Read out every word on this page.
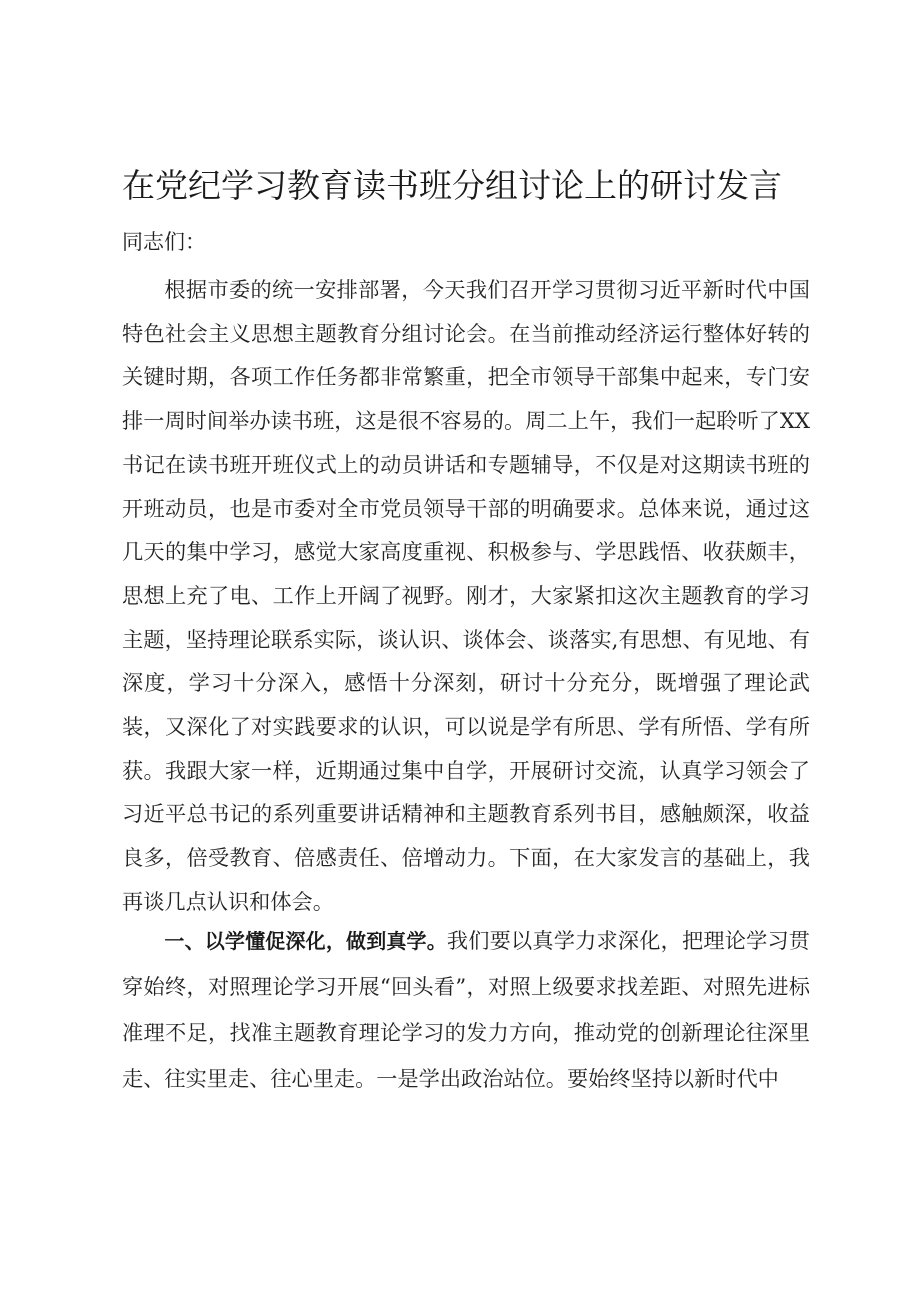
在党纪学习教育读书班分组讨论上的研讨发言

同志们：

根据市委的统一安排部署，今天我们召开学习贯彻习近平新时代中国特色社会主义思想主题教育分组讨论会。在当前推动经济运行整体好转的关键时期，各项工作任务都非常繁重，把全市领导干部集中起来，专门安排一周时间举办读书班，这是很不容易的。周二上午，我们一起聆听了XX书记在读书班开班仪式上的动员讲话和专题辅导，不仅是对这期读书班的开班动员，也是市委对全市党员领导干部的明确要求。总体来说，通过这几天的集中学习，感觉大家高度重视、积极参与、学思践悟、收获颇丰，思想上充了电、工作上开阔了视野。刚才，大家紧扣这次主题教育的学习主题，坚持理论联系实际，谈认识、谈体会、谈落实,有思想、有见地、有深度，学习十分深入，感悟十分深刻，研讨十分充分，既增强了理论武装，又深化了对实践要求的认识，可以说是学有所思、学有所悟、学有所获。我跟大家一样，近期通过集中自学，开展研讨交流，认真学习领会了习近平总书记的系列重要讲话精神和主题教育系列书目，感触颇深，收益良多，倍受教育、倍感责任、倍增动力。下面，在大家发言的基础上，我再谈几点认识和体会。

一、以学懂促深化，做到真学。我们要以真学力求深化，把理论学习贯穿始终，对照理论学习开展“回头看”，对照上级要求找差距、对照先进标准理不足，找准主题教育理论学习的发力方向，推动党的创新理论往深里走、往实里走、往心里走。一是学出政治站位。要始终坚持以新时代中
